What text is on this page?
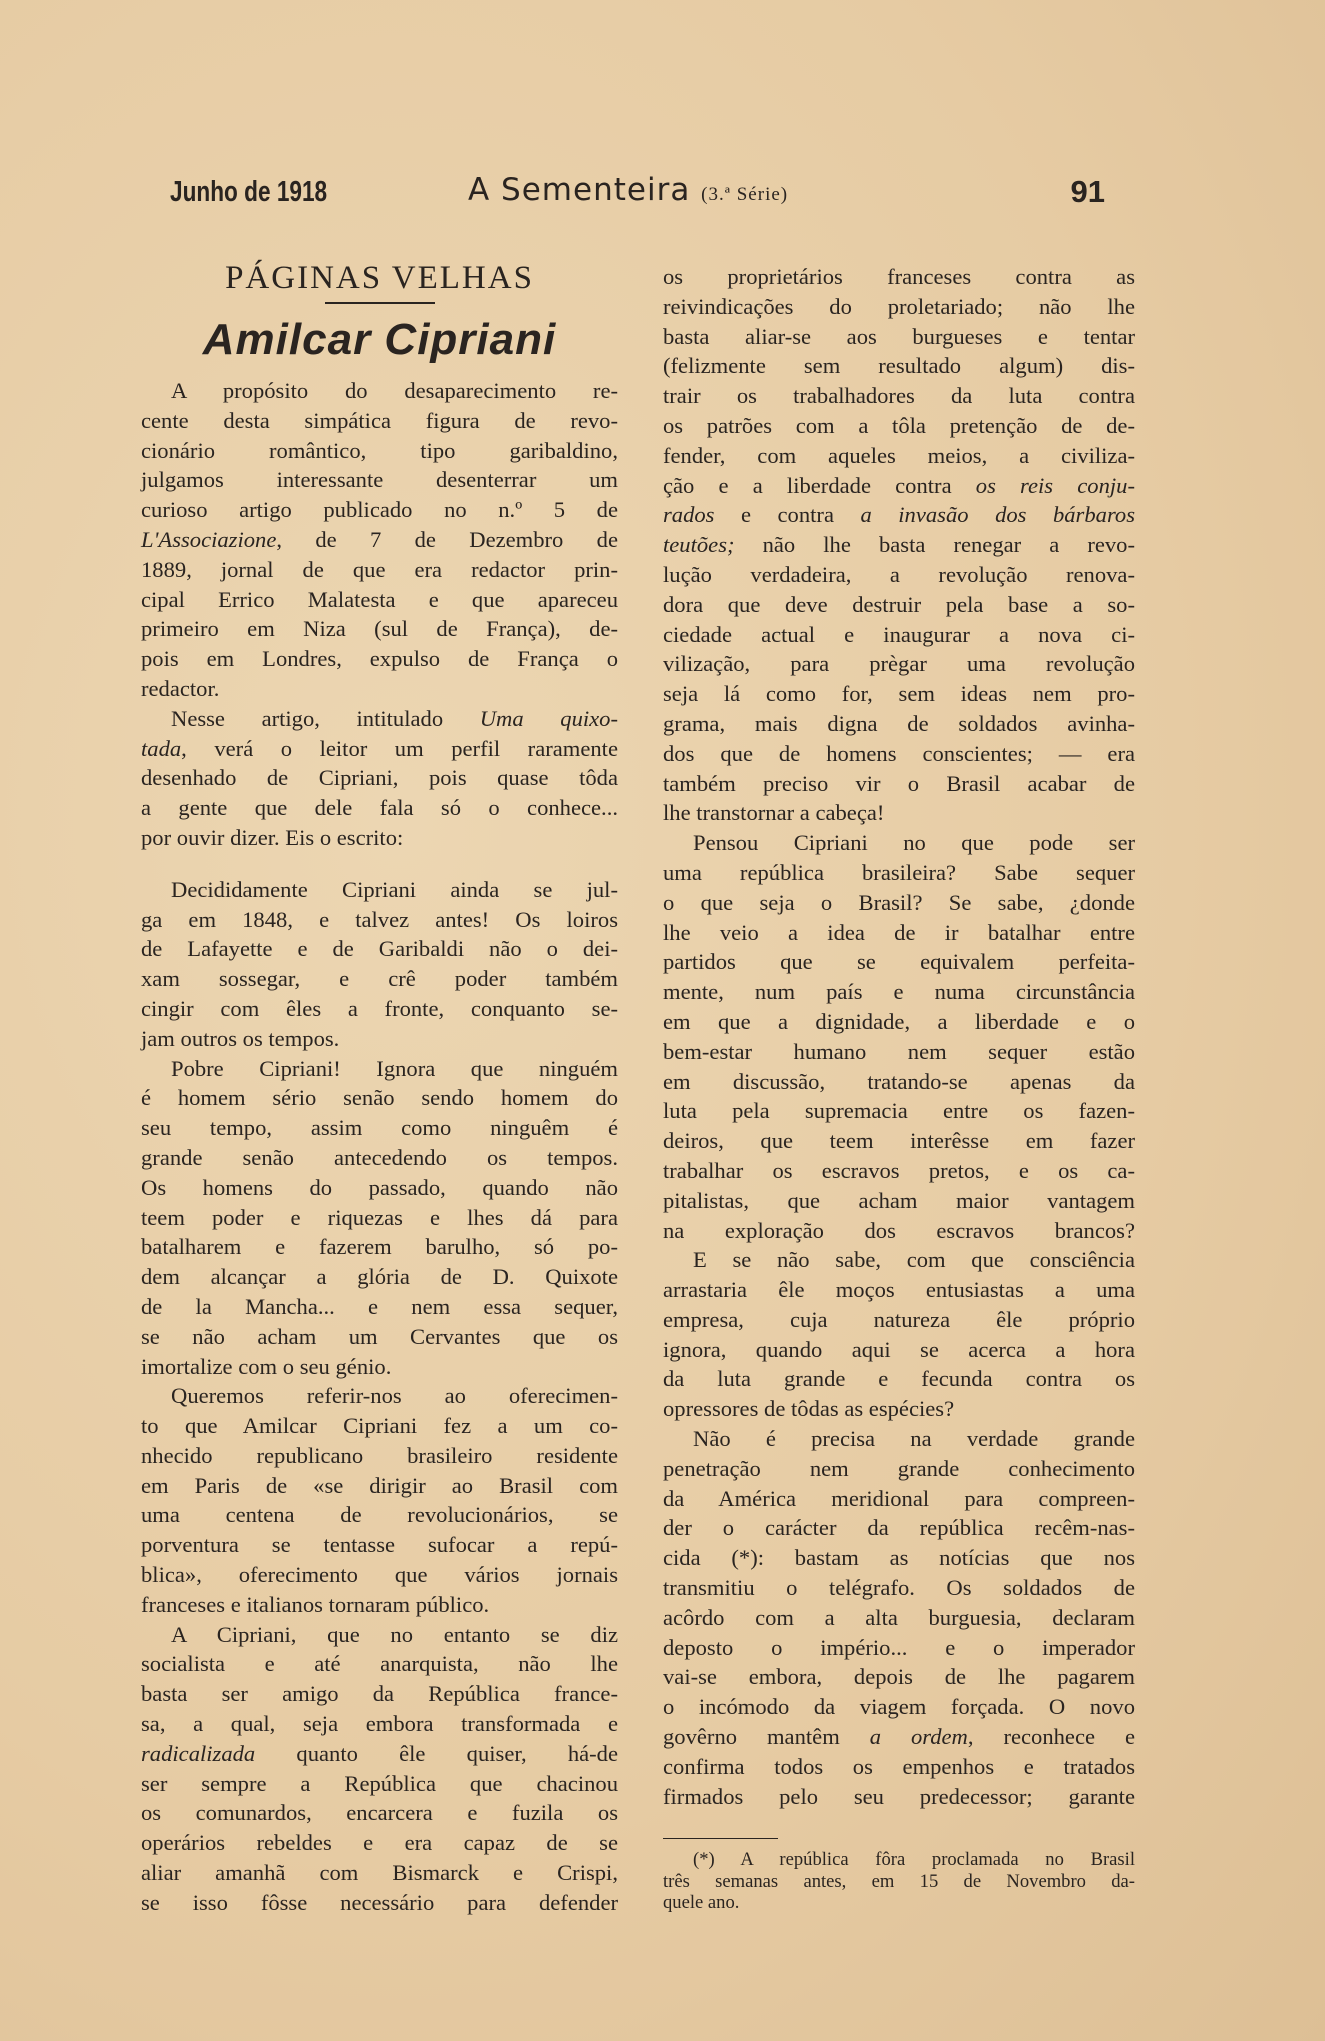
Junho de 1918	A Sementeira (3.ª Série)	91
PÁGINAS VELHAS
Amilcar Cipriani
A propósito do desaparecimento re-
cente desta simpática figura de revo-
cionário romântico, tipo garibaldino,
julgamos interessante desenterrar um
curioso artigo publicado no n.º 5 de
L'Associazione, de 7 de Dezembro de
1889, jornal de que era redactor prin-
cipal Errico Malatesta e que apareceu
primeiro em Niza (sul de França), de-
pois em Londres, expulso de França o
redactor.
Nesse artigo, intitulado Uma quixo-
tada, verá o leitor um perfil raramente
desenhado de Cipriani, pois quase tôda
a gente que dele fala só o conhece...
por ouvir dizer. Eis o escrito:
Decididamente Cipriani ainda se jul-
ga em 1848, e talvez antes! Os loiros
de Lafayette e de Garibaldi não o dei-
xam sossegar, e crê poder também
cingir com êles a fronte, conquanto se-
jam outros os tempos.
Pobre Cipriani! Ignora que ninguém
é homem sério senão sendo homem do
seu tempo, assim como ninguêm é
grande senão antecedendo os tempos.
Os homens do passado, quando não
teem poder e riquezas e lhes dá para
batalharem e fazerem barulho, só po-
dem alcançar a glória de D. Quixote
de la Mancha... e nem essa sequer,
se não acham um Cervantes que os
imortalize com o seu génio.
Queremos referir-nos ao oferecimen-
to que Amilcar Cipriani fez a um co-
nhecido republicano brasileiro residente
em Paris de «se dirigir ao Brasil com
uma centena de revolucionários, se
porventura se tentasse sufocar a repú-
blica», oferecimento que vários jornais
franceses e italianos tornaram público.
A Cipriani, que no entanto se diz
socialista e até anarquista, não lhe
basta ser amigo da República france-
sa, a qual, seja embora transformada e
radicalizada quanto êle quiser, há-de
ser sempre a República que chacinou
os comunardos, encarcera e fuzila os
operários rebeldes e era capaz de se
aliar amanhã com Bismarck e Crispi,
se isso fôsse necessário para defender
os proprietários franceses contra as
reivindicações do proletariado; não lhe
basta aliar-se aos burgueses e tentar
(felizmente sem resultado algum) dis-
trair os trabalhadores da luta contra
os patrões com a tôla pretenção de de-
fender, com aqueles meios, a civiliza-
ção e a liberdade contra os reis conju-
rados e contra a invasão dos bárbaros
teutões; não lhe basta renegar a revo-
lução verdadeira, a revolução renova-
dora que deve destruir pela base a so-
ciedade actual e inaugurar a nova ci-
vilização, para prègar uma revolução
seja lá como for, sem ideas nem pro-
grama, mais digna de soldados avinha-
dos que de homens conscientes; — era
também preciso vir o Brasil acabar de
lhe transtornar a cabeça!
Pensou Cipriani no que pode ser
uma república brasileira? Sabe sequer
o que seja o Brasil? Se sabe, ¿donde
lhe veio a idea de ir batalhar entre
partidos que se equivalem perfeita-
mente, num país e numa circunstância
em que a dignidade, a liberdade e o
bem-estar humano nem sequer estão
em discussão, tratando-se apenas da
luta pela supremacia entre os fazen-
deiros, que teem interêsse em fazer
trabalhar os escravos pretos, e os ca-
pitalistas, que acham maior vantagem
na exploração dos escravos brancos?
E se não sabe, com que consciência
arrastaria êle moços entusiastas a uma
empresa, cuja natureza êle próprio
ignora, quando aqui se acerca a hora
da luta grande e fecunda contra os
opressores de tôdas as espécies?
Não é precisa na verdade grande
penetração nem grande conhecimento
da América meridional para compreen-
der o carácter da república recêm-nas-
cida (*): bastam as notícias que nos
transmitiu o telégrafo. Os soldados de
acôrdo com a alta burguesia, declaram
deposto o império... e o imperador
vai-se embora, depois de lhe pagarem
o incómodo da viagem forçada. O novo
govêrno mantêm a ordem, reconhece e
confirma todos os empenhos e tratados
firmados pelo seu predecessor; garante
(*) A república fôra proclamada no Brasil
três semanas antes, em 15 de Novembro da-
quele ano.
